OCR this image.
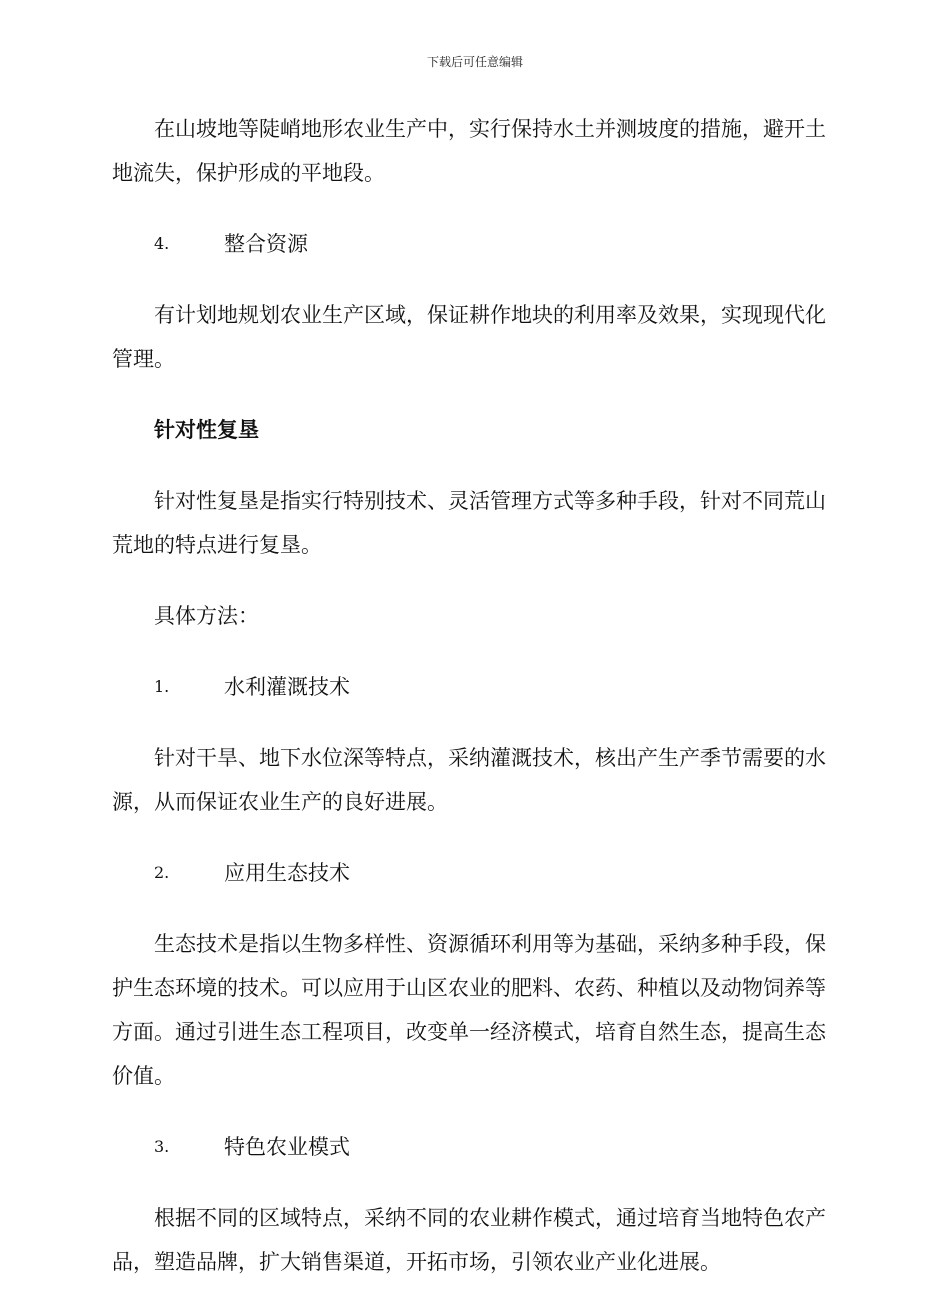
下载后可任意编辑

在山坡地等陡峭地形农业生产中，实行保持水土并测坡度的措施，避开土地流失，保护形成的平地段。

4.	整合资源

有计划地规划农业生产区域，保证耕作地块的利用率及效果，实现现代化管理。

针对性复垦

针对性复垦是指实行特别技术、灵活管理方式等多种手段，针对不同荒山荒地的特点进行复垦。

具体方法：

1.	水利灌溉技术

针对干旱、地下水位深等特点，采纳灌溉技术，核出产生产季节需要的水源，从而保证农业生产的良好进展。

2.	应用生态技术

生态技术是指以生物多样性、资源循环利用等为基础，采纳多种手段，保护生态环境的技术。可以应用于山区农业的肥料、农药、种植以及动物饲养等方面。通过引进生态工程项目，改变单一经济模式，培育自然生态，提高生态价值。

3.	特色农业模式

根据不同的区域特点，采纳不同的农业耕作模式，通过培育当地特色农产品，塑造品牌，扩大销售渠道，开拓市场，引领农业产业化进展。
